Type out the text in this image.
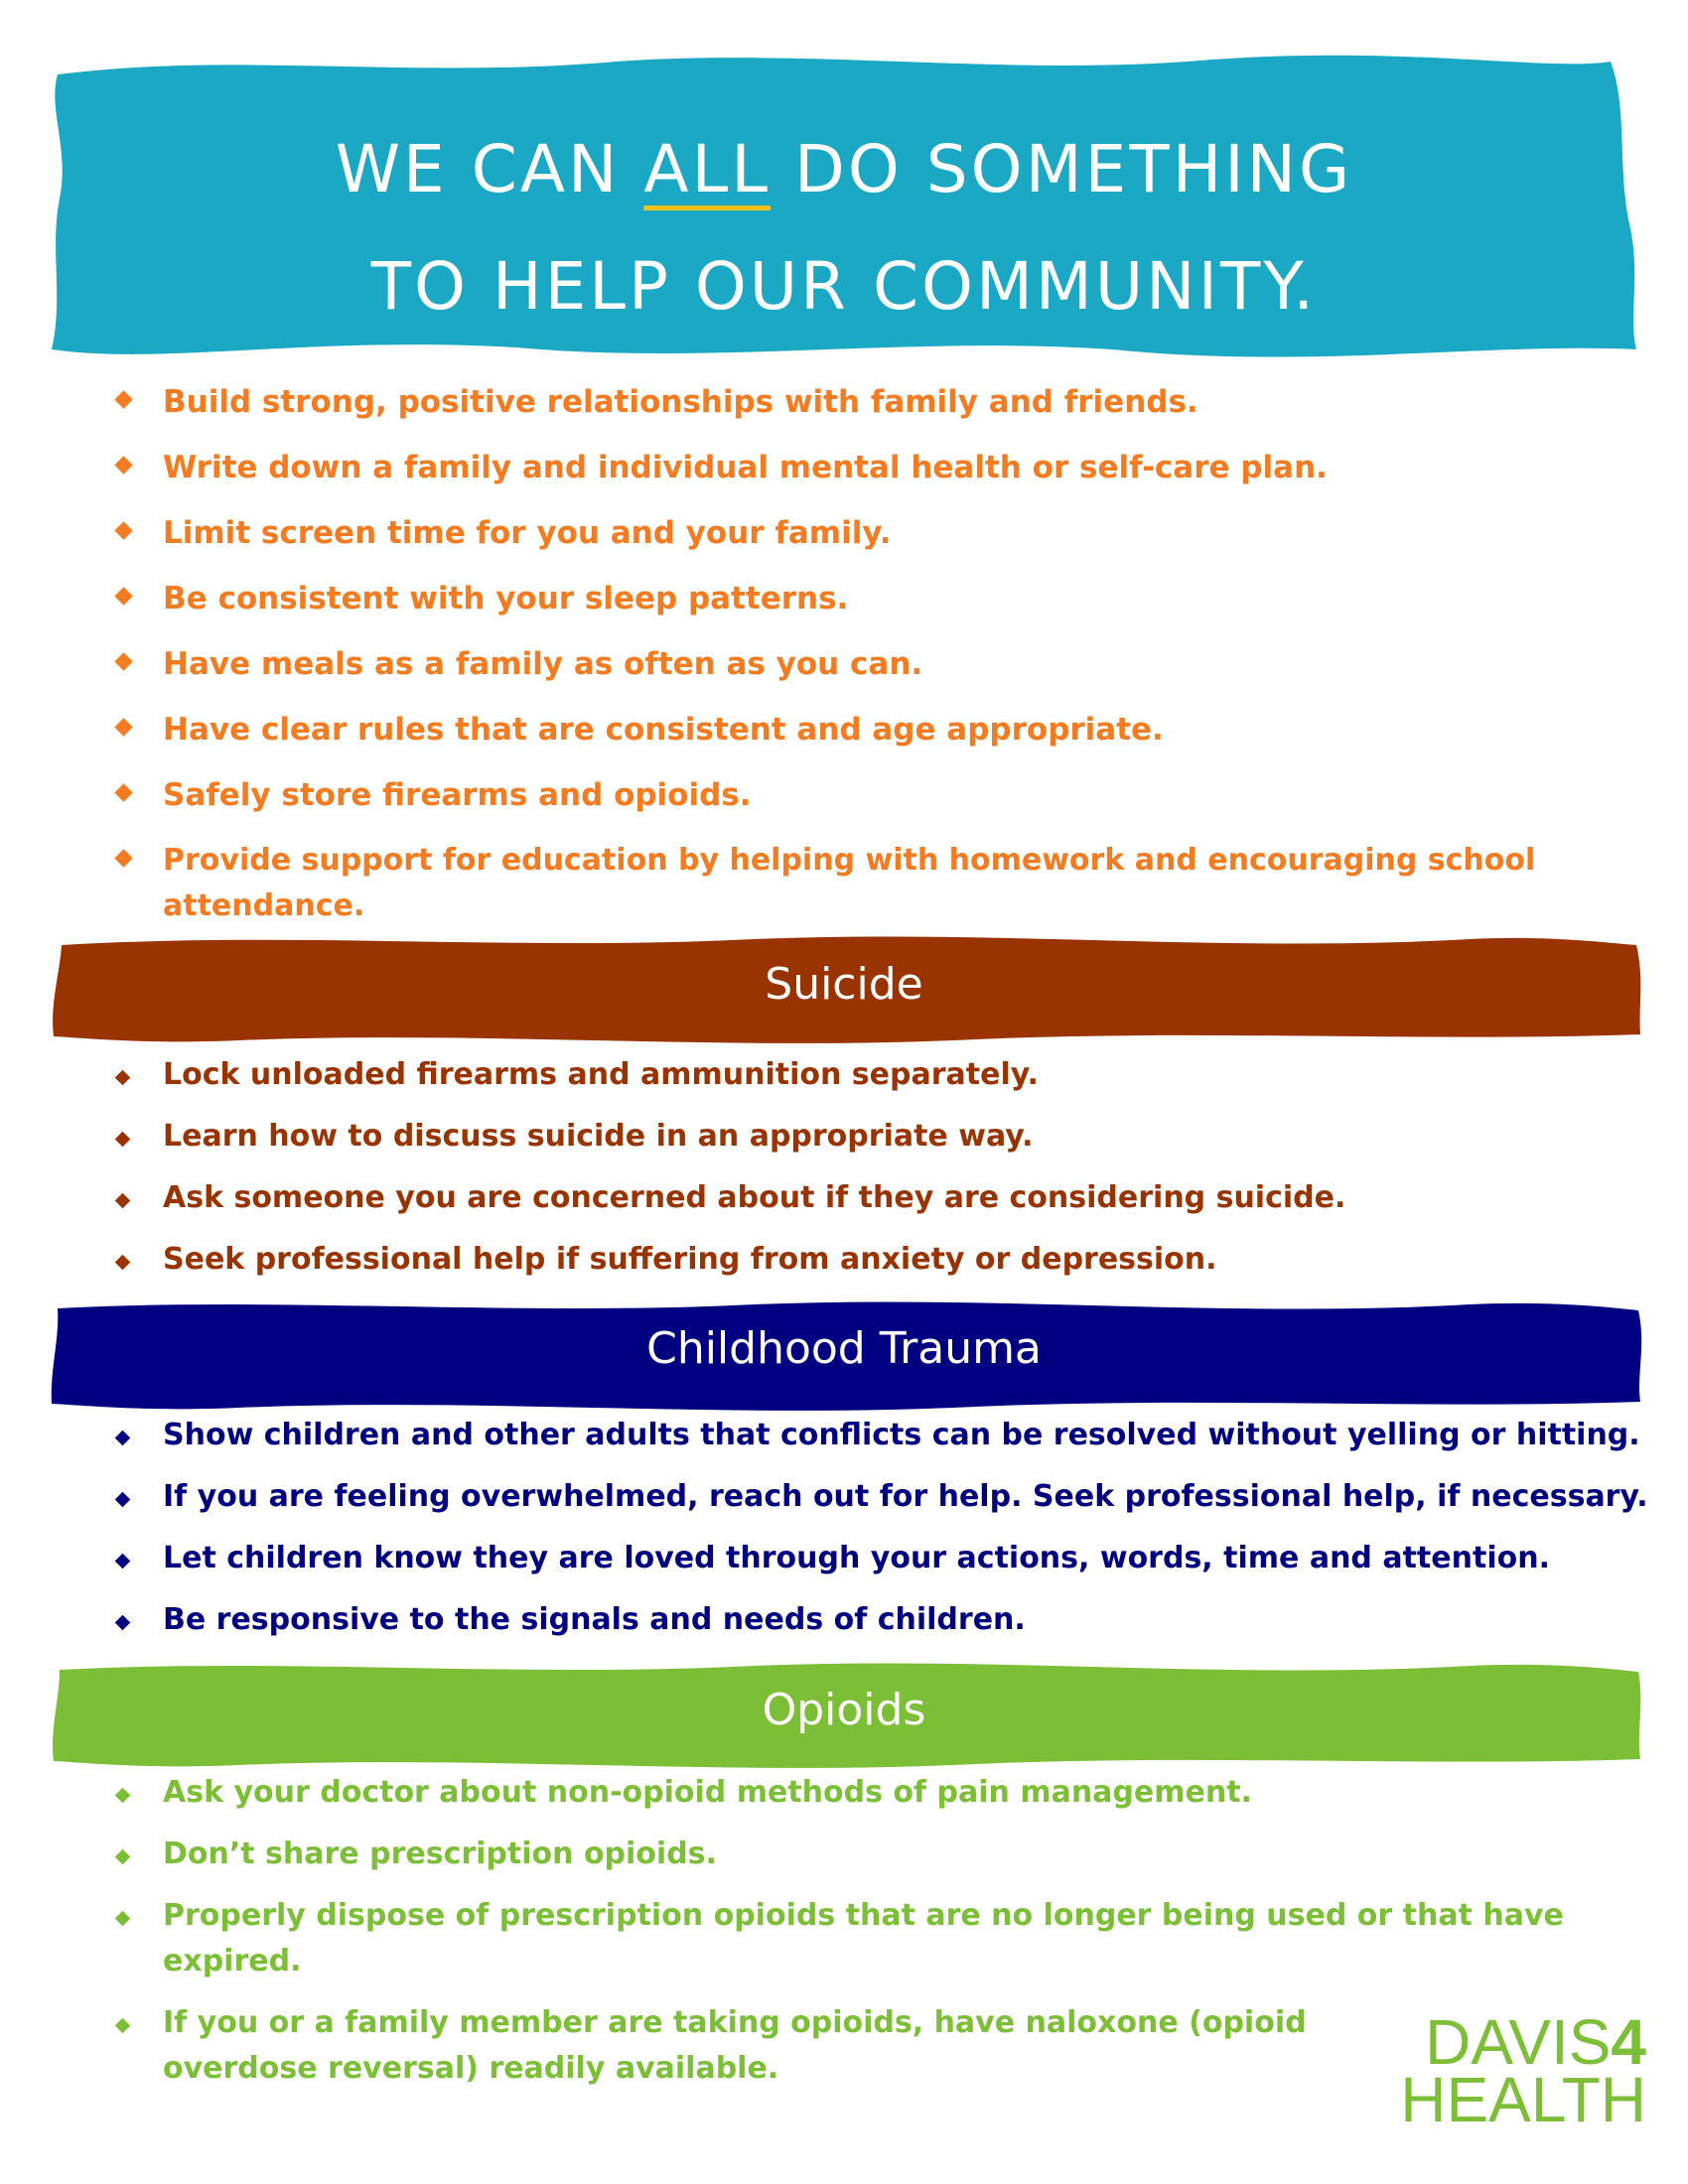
WE CAN ALL DO SOMETHING
TO HELP OUR COMMUNITY.
Build strong, positive relationships with family and friends.
Write down a family and individual mental health or self-care plan.
Limit screen time for you and your family.
Be consistent with your sleep patterns.
Have meals as a family as often as you can.
Have clear rules that are consistent and age appropriate.
Safely store firearms and opioids.
Provide support for education by helping with homework and encouraging school attendance.
Suicide
Lock unloaded firearms and ammunition separately.
Learn how to discuss suicide in an appropriate way.
Ask someone you are concerned about if they are considering suicide.
Seek professional help if suffering from anxiety or depression.
Childhood Trauma
Show children and other adults that conflicts can be resolved without yelling or hitting.
If you are feeling overwhelmed, reach out for help. Seek professional help, if necessary.
Let children know they are loved through your actions, words, time and attention.
Be responsive to the signals and needs of children.
Opioids
Ask your doctor about non-opioid methods of pain management.
Don’t share prescription opioids.
Properly dispose of prescription opioids that are no longer being used or that have expired.
If you or a family member are taking opioids, have naloxone (opioid overdose reversal) readily available.	DAVIS4
HEALTH
